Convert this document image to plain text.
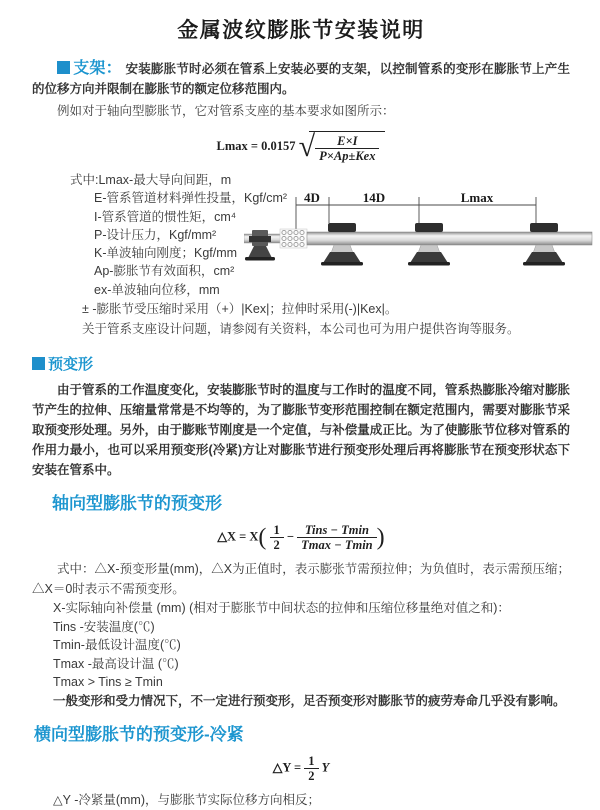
金属波纹膨胀节安装说明

支架： 安装膨胀节时必须在管系上安装必要的支架，以控制管系的变形在膨胀节上产生的位移方向并限制在膨胀节的额定位移范围内。

例如对于轴向型膨胀节，它对管系支座的基本要求如图所示：

Lmax = 0.0157 √ $\frac{E\times I}{\text{P×Ap±Kex}}$
式中:Lmax-最大导向间距，m
E-管系管道材料弹性投量，Kgf/cm²
I-管系管道的惯性矩，cm⁴
P-设计压力，Kgf/mm²
K-单波轴向刚度；Kgf/mm
Ap-膨胀节有效面积，cm²
ex-单波轴向位移，mm
± -膨胀节受压缩时采用（+）|Kex|；拉伸时采用(-)|Kex|。
关于管系支座设计问题，请参阅有关资料，本公司也可为用户提供咨询等服务。
预变形

由于管系的工作温度变化，安装膨胀节时的温度与工作时的温度不同，管系热膨胀冷缩对膨胀节产生的拉伸、压缩量常常是不均等的，为了膨胀节变形范围控制在额定范围内，需要对膨胀节采取预变形处理。另外，由于膨账节刚度是一个定值，与补偿量成正比。为了使膨胀节位移对管系的作用力最小，也可以采用预变形(冷紧)方让对膨胀节进行预变形处理后再将膨胀节在预变形状态下安装在管系中。

轴向型膨胀节的预变形
△X = $X( \frac{1}{2} - \frac{\text{Tins − Tmin}}{Tmax - Tmin}$ )

式中：△X-预变形量(mm)，△X为正值时，表示膨张节需预拉伸；为负值时，表示需预压缩；△X＝0时表示不需预变形。

X-实际轴向补偿量 (mm) (相对于膨胀节中间状态的拉伸和压缩位移量绝对值之和)：
Tins -安装温度(℃)
Tmin-最低设计温度(℃)
Tmax -最高设计温 (℃)
Tmax > Tins ≥ Tmin
一般变形和受力情况下，不一定进行预变形，足否预变形对膨胀节的疲劳寿命几乎没有影响。
横向型膨胀节的预变形-冷紧
△Y = $\frac{1}{2}$ Y
△Y -冷紧量(mm)，与膨胀节实际位移方向相反；
4D	14D	Lmax
